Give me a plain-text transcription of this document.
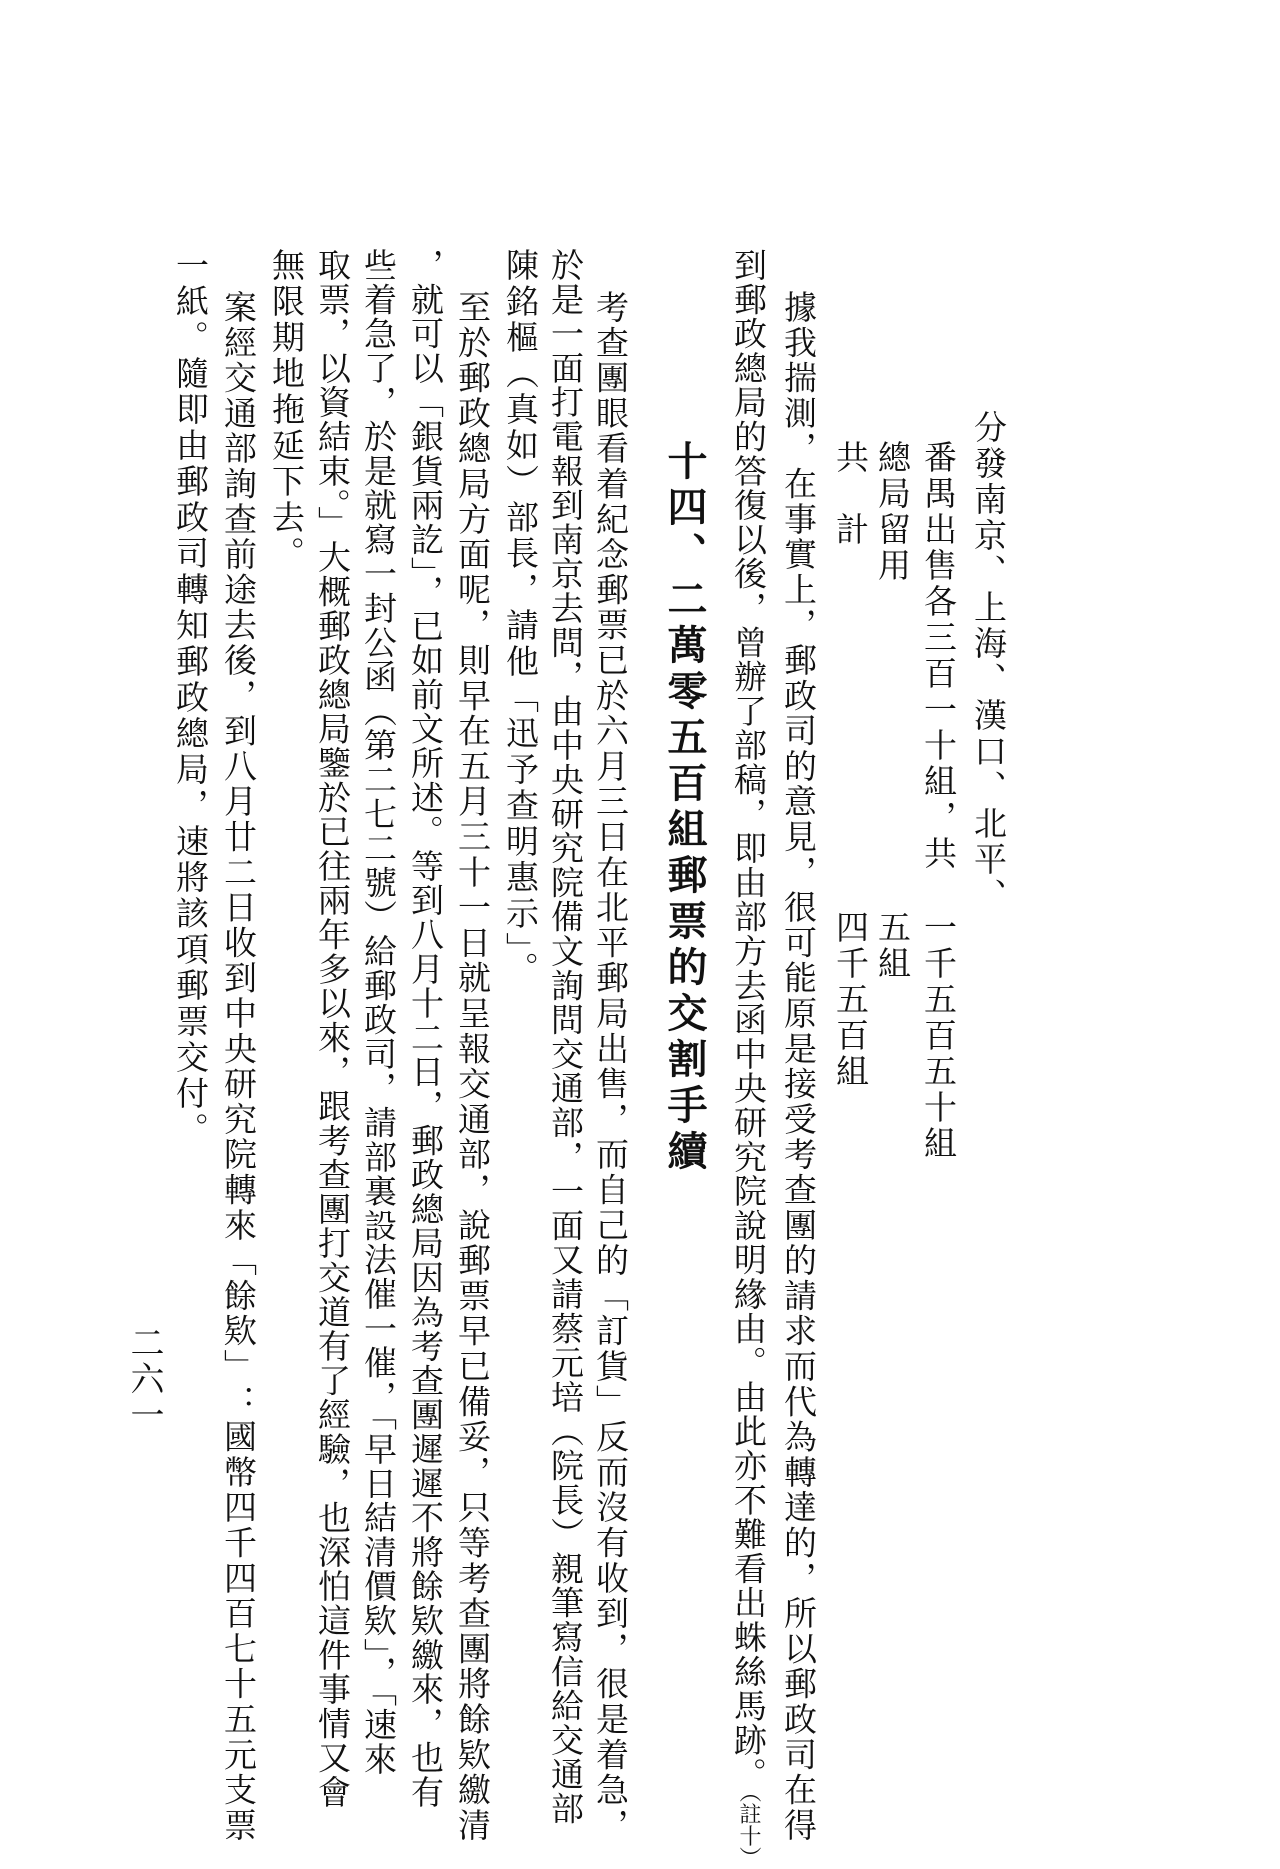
分發南京、上海、漢口、北平、
番禺出售各三百一十組，共
一千五百五十組
總局留用
五組
共　計
四千五百組
據我揣測，在事實上，郵政司的意見，很可能原是接受考查團的請求而代為轉達的，所以郵政司在得
到郵政總局的答復以後，曾辦了部稿，即由部方去函中央研究院說明緣由。由此亦不難看出蛛絲馬跡。（註十）
十四、二萬零五百組郵票的交割手續
考查團眼看着紀念郵票已於六月三日在北平郵局出售，而自己的「訂貨」反而沒有收到，很是着急，
於是一面打電報到南京去問，由中央研究院備文詢問交通部，一面又請蔡元培（院長）親筆寫信給交通部
陳銘樞（真如）部長，請他「迅予查明惠示」。
至於郵政總局方面呢，則早在五月三十一日就呈報交通部，說郵票早已備妥，只等考查團將餘欵繳清
，就可以「銀貨兩訖」，已如前文所述。等到八月十二日，郵政總局因為考查團遲遲不將餘欵繳來，也有
些着急了，於是就寫一封公函（第二七二號）給郵政司，請部裏設法催一催，「早日結清價欵」，「速來
取票，以資結束。」大概郵政總局鑒於已往兩年多以來，跟考查團打交道有了經驗，也深怕這件事情又會
無限期地拖延下去。
案經交通部詢查前途去後，到八月廿二日收到中央研究院轉來「餘欵」：國幣四千四百七十五元支票
一紙。隨即由郵政司轉知郵政總局，速將該項郵票交付。
二六一
